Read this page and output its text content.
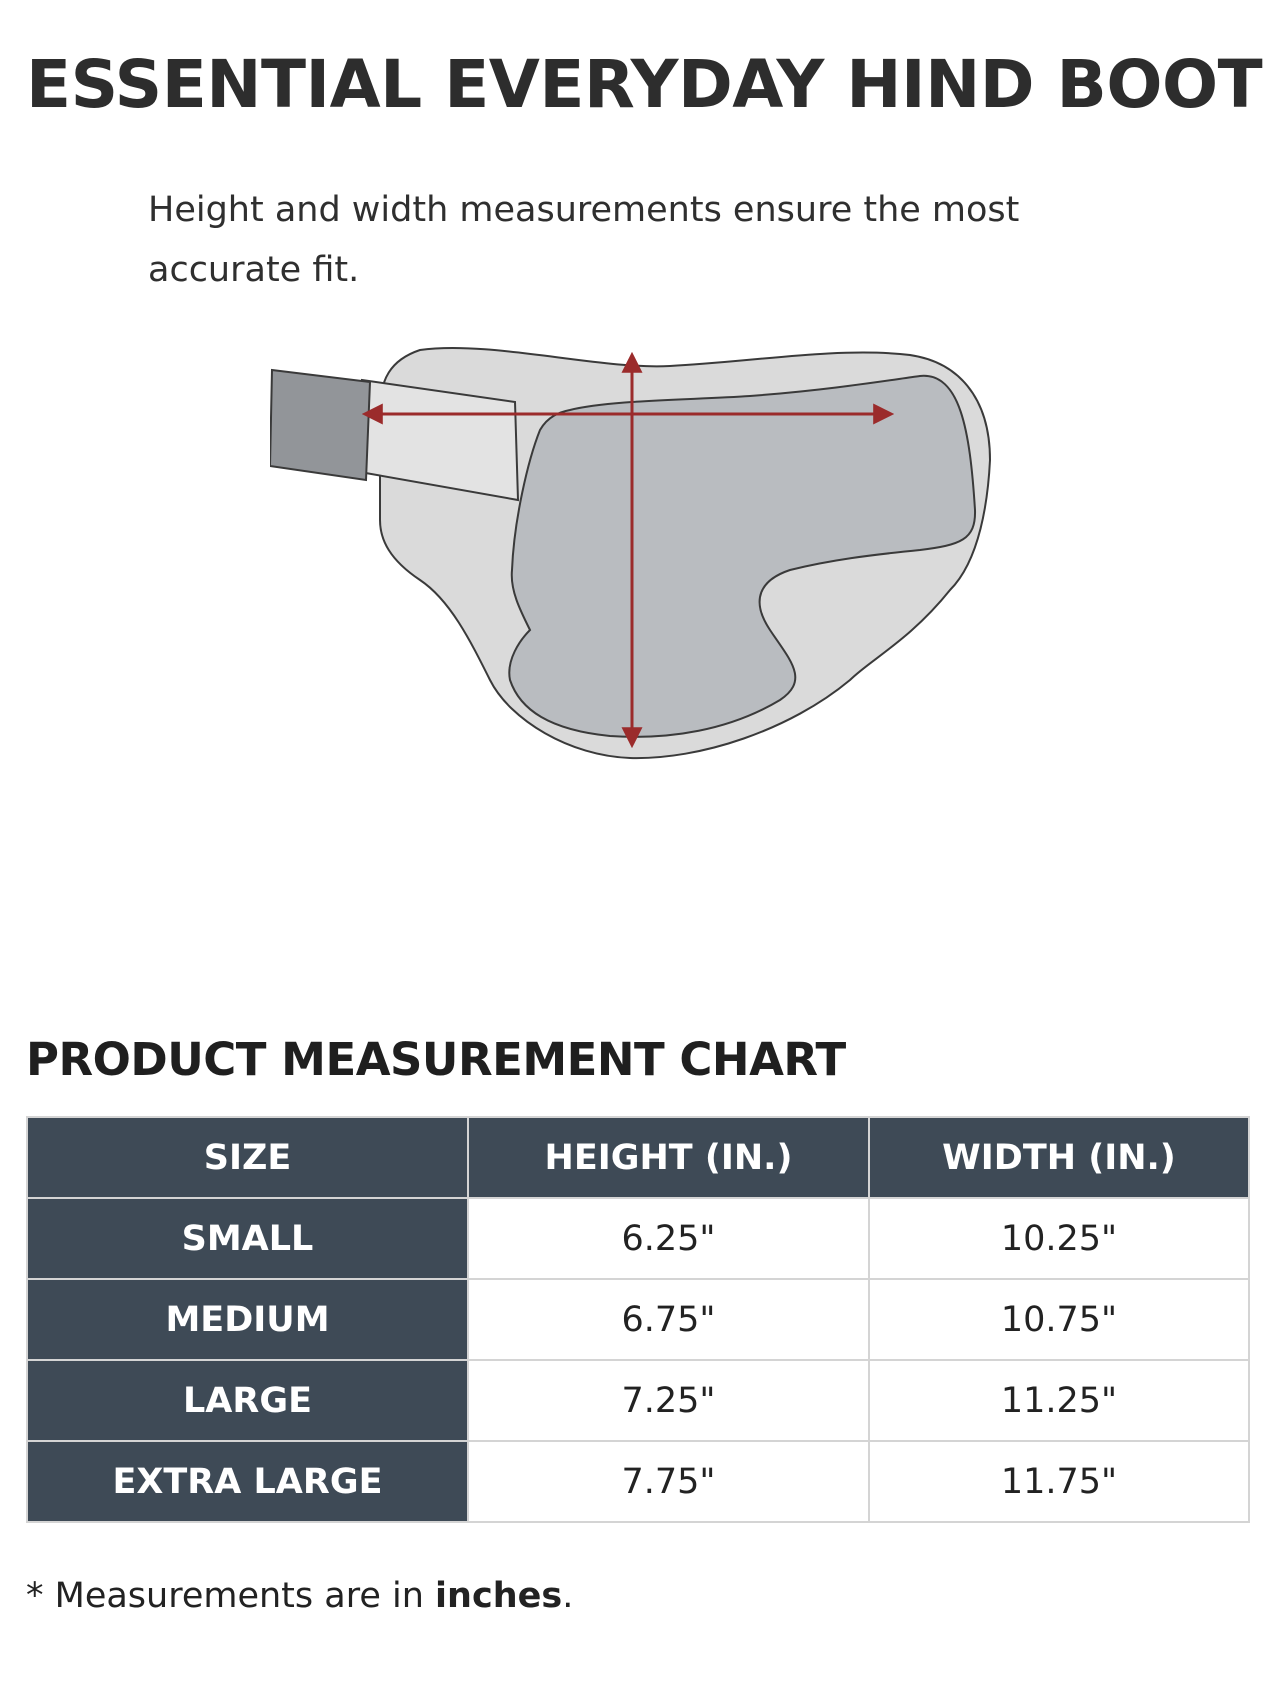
ESSENTIAL EVERYDAY HIND BOOT

Height and width measurements ensure the most accurate fit.

PRODUCT MEASUREMENT CHART
SIZE	HEIGHT (IN.)	WIDTH (IN.)
SMALL	6.25"	10.25"
MEDIUM	6.75"	10.75"
LARGE	7.25"	11.25"
EXTRA LARGE	7.75"	11.75"

* Measurements are in inches.
